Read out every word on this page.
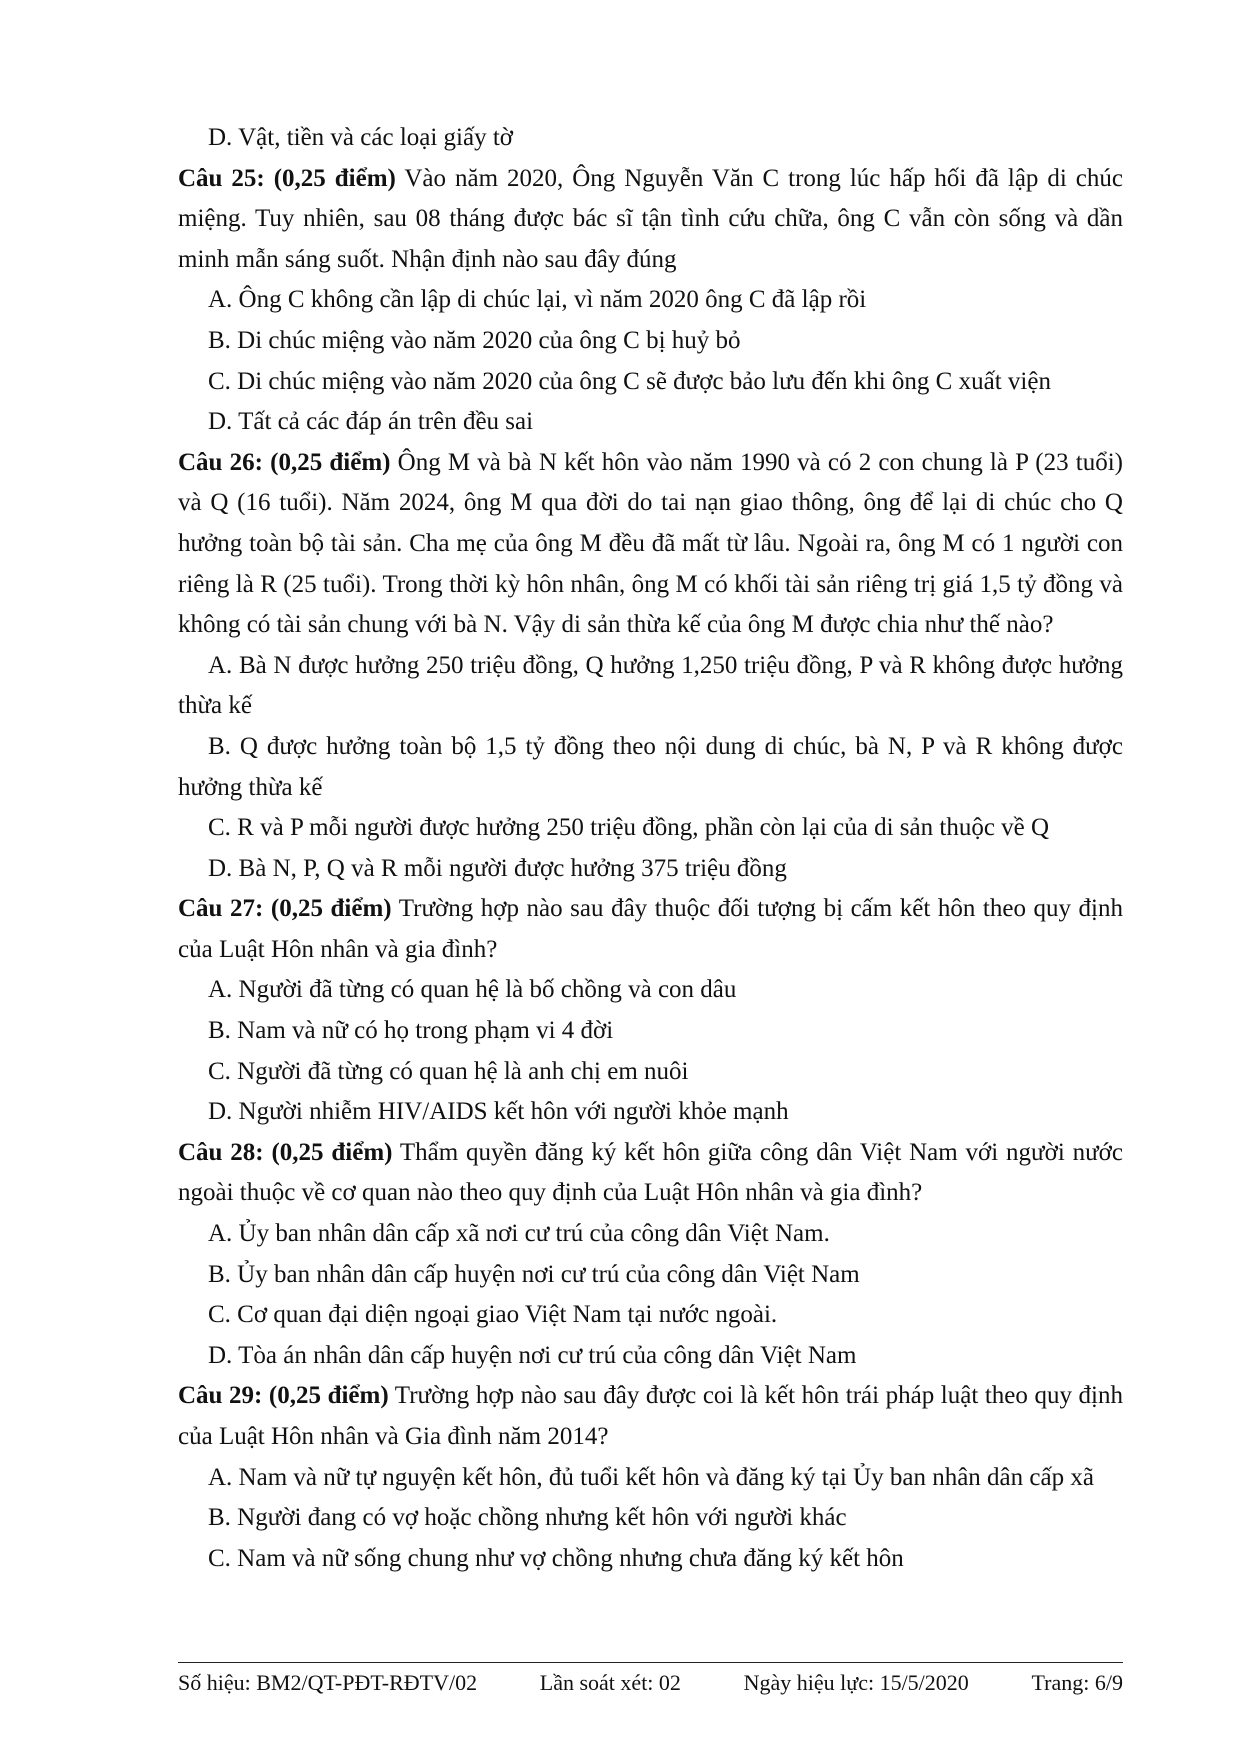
D. Vật, tiền và các loại giấy tờ

Câu 25: (0,25 điểm) Vào năm 2020, Ông Nguyễn Văn C trong lúc hấp hối đã lập di chúc miệng. Tuy nhiên, sau 08 tháng được bác sĩ tận tình cứu chữa, ông C vẫn còn sống và dần minh mẫn sáng suốt. Nhận định nào sau đây đúng

A. Ông C không cần lập di chúc lại, vì năm 2020 ông C đã lập rồi

B. Di chúc miệng vào năm 2020 của ông C bị huỷ bỏ

C. Di chúc miệng vào năm 2020 của ông C sẽ được bảo lưu đến khi ông C xuất viện

D. Tất cả các đáp án trên đều sai

Câu 26: (0,25 điểm) Ông M và bà N kết hôn vào năm 1990 và có 2 con chung là P (23 tuổi) và Q (16 tuổi). Năm 2024, ông M qua đời do tai nạn giao thông, ông để lại di chúc cho Q hưởng toàn bộ tài sản. Cha mẹ của ông M đều đã mất từ lâu. Ngoài ra, ông M có 1 người con riêng là R (25 tuổi). Trong thời kỳ hôn nhân, ông M có khối tài sản riêng trị giá 1,5 tỷ đồng và không có tài sản chung với bà N. Vậy di sản thừa kế của ông M được chia như thế nào?

A. Bà N được hưởng 250 triệu đồng, Q hưởng 1,250 triệu đồng, P và R không được hưởng thừa kế

B. Q được hưởng toàn bộ 1,5 tỷ đồng theo nội dung di chúc, bà N, P và R không được hưởng thừa kế

C. R và P mỗi người được hưởng 250 triệu đồng, phần còn lại của di sản thuộc về Q

D. Bà N, P, Q và R mỗi người được hưởng 375 triệu đồng

Câu 27: (0,25 điểm) Trường hợp nào sau đây thuộc đối tượng bị cấm kết hôn theo quy định của Luật Hôn nhân và gia đình?

A. Người đã từng có quan hệ là bố chồng và con dâu

B. Nam và nữ có họ trong phạm vi 4 đời

C. Người đã từng có quan hệ là anh chị em nuôi

D. Người nhiễm HIV/AIDS kết hôn với người khỏe mạnh

Câu 28: (0,25 điểm) Thẩm quyền đăng ký kết hôn giữa công dân Việt Nam với người nước ngoài thuộc về cơ quan nào theo quy định của Luật Hôn nhân và gia đình?

A. Ủy ban nhân dân cấp xã nơi cư trú của công dân Việt Nam.

B. Ủy ban nhân dân cấp huyện nơi cư trú của công dân Việt Nam

C. Cơ quan đại diện ngoại giao Việt Nam tại nước ngoài.

D. Tòa án nhân dân cấp huyện nơi cư trú của công dân Việt Nam

Câu 29: (0,25 điểm) Trường hợp nào sau đây được coi là kết hôn trái pháp luật theo quy định của Luật Hôn nhân và Gia đình năm 2014?

A. Nam và nữ tự nguyện kết hôn, đủ tuổi kết hôn và đăng ký tại Ủy ban nhân dân cấp xã

B. Người đang có vợ hoặc chồng nhưng kết hôn với người khác

C. Nam và nữ sống chung như vợ chồng nhưng chưa đăng ký kết hôn

Số hiệu: BM2/QT-PĐT-RĐTV/02	Lần soát xét: 02	Ngày hiệu lực: 15/5/2020	Trang: 6/9
